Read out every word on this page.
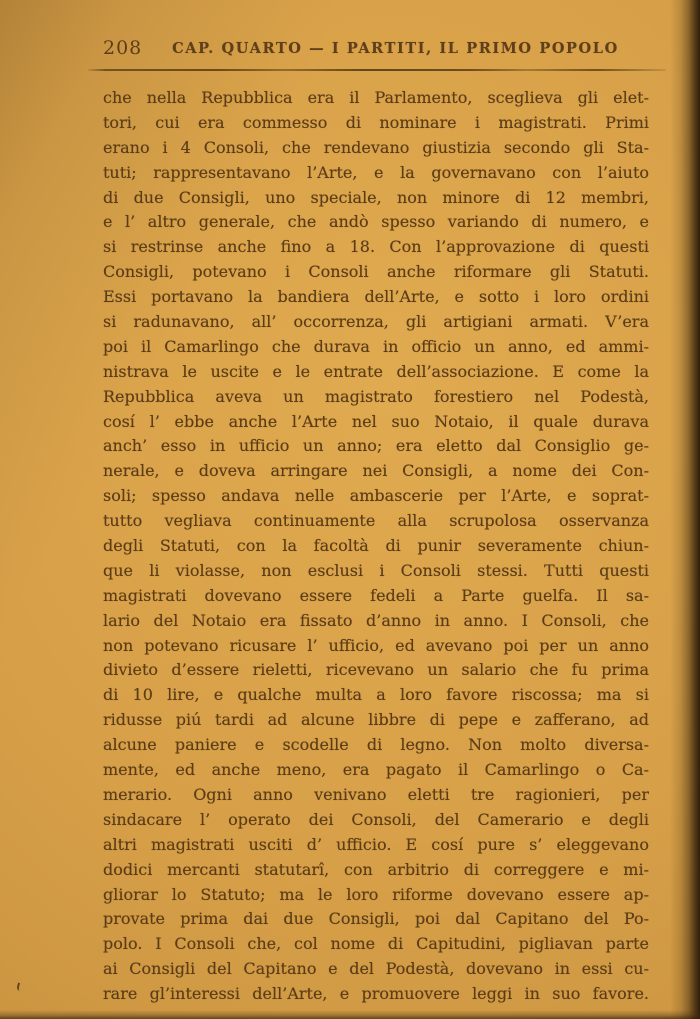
208	CAP. QUARTO — I PARTITI, IL PRIMO POPOLO
che nella Repubblica era il Parlamento, sceglieva gli elet-
tori, cui era commesso di nominare i magistrati. Primi
erano i 4 Consoli, che rendevano giustizia secondo gli Sta-
tuti; rappresentavano l’Arte, e la governavano con l’aiuto
di due Consigli, uno speciale, non minore di 12 membri,
e l’ altro generale, che andò spesso variando di numero, e
si restrinse anche fino a 18. Con l’approvazione di questi
Consigli, potevano i Consoli anche riformare gli Statuti.
Essi portavano la bandiera dell’Arte, e sotto i loro ordini
si radunavano, all’ occorrenza, gli artigiani armati. V’era
poi il Camarlingo che durava in officio un anno, ed ammi-
nistrava le uscite e le entrate dell’associazione. E come la
Repubblica aveva un magistrato forestiero nel Podestà,
cosí l’ ebbe anche l’Arte nel suo Notaio, il quale durava
anch’ esso in ufficio un anno; era eletto dal Consiglio ge-
nerale, e doveva arringare nei Consigli, a nome dei Con-
soli; spesso andava nelle ambascerie per l’Arte, e soprat-
tutto vegliava continuamente alla scrupolosa osservanza
degli Statuti, con la facoltà di punir severamente chiun-
que li violasse, non esclusi i Consoli stessi. Tutti questi
magistrati dovevano essere fedeli a Parte guelfa. Il sa-
lario del Notaio era fissato d’anno in anno. I Consoli, che
non potevano ricusare l’ ufficio, ed avevano poi per un anno
divieto d’essere rieletti, ricevevano un salario che fu prima
di 10 lire, e qualche multa a loro favore riscossa; ma si
ridusse piú tardi ad alcune libbre di pepe e zafferano, ad
alcune paniere e scodelle di legno. Non molto diversa-
mente, ed anche meno, era pagato il Camarlingo o Ca-
merario. Ogni anno venivano eletti tre ragionieri, per
sindacare l’ operato dei Consoli, del Camerario e degli
altri magistrati usciti d’ ufficio. E cosí pure s’ eleggevano
dodici mercanti statutarî, con arbitrio di correggere e mi-
gliorar lo Statuto; ma le loro riforme dovevano essere ap-
provate prima dai due Consigli, poi dal Capitano del Po-
polo. I Consoli che, col nome di Capitudini, pigliavan parte
ai Consigli del Capitano e del Podestà, dovevano in essi cu-
rare gl’interessi dell’Arte, e promuovere leggi in suo favore.
